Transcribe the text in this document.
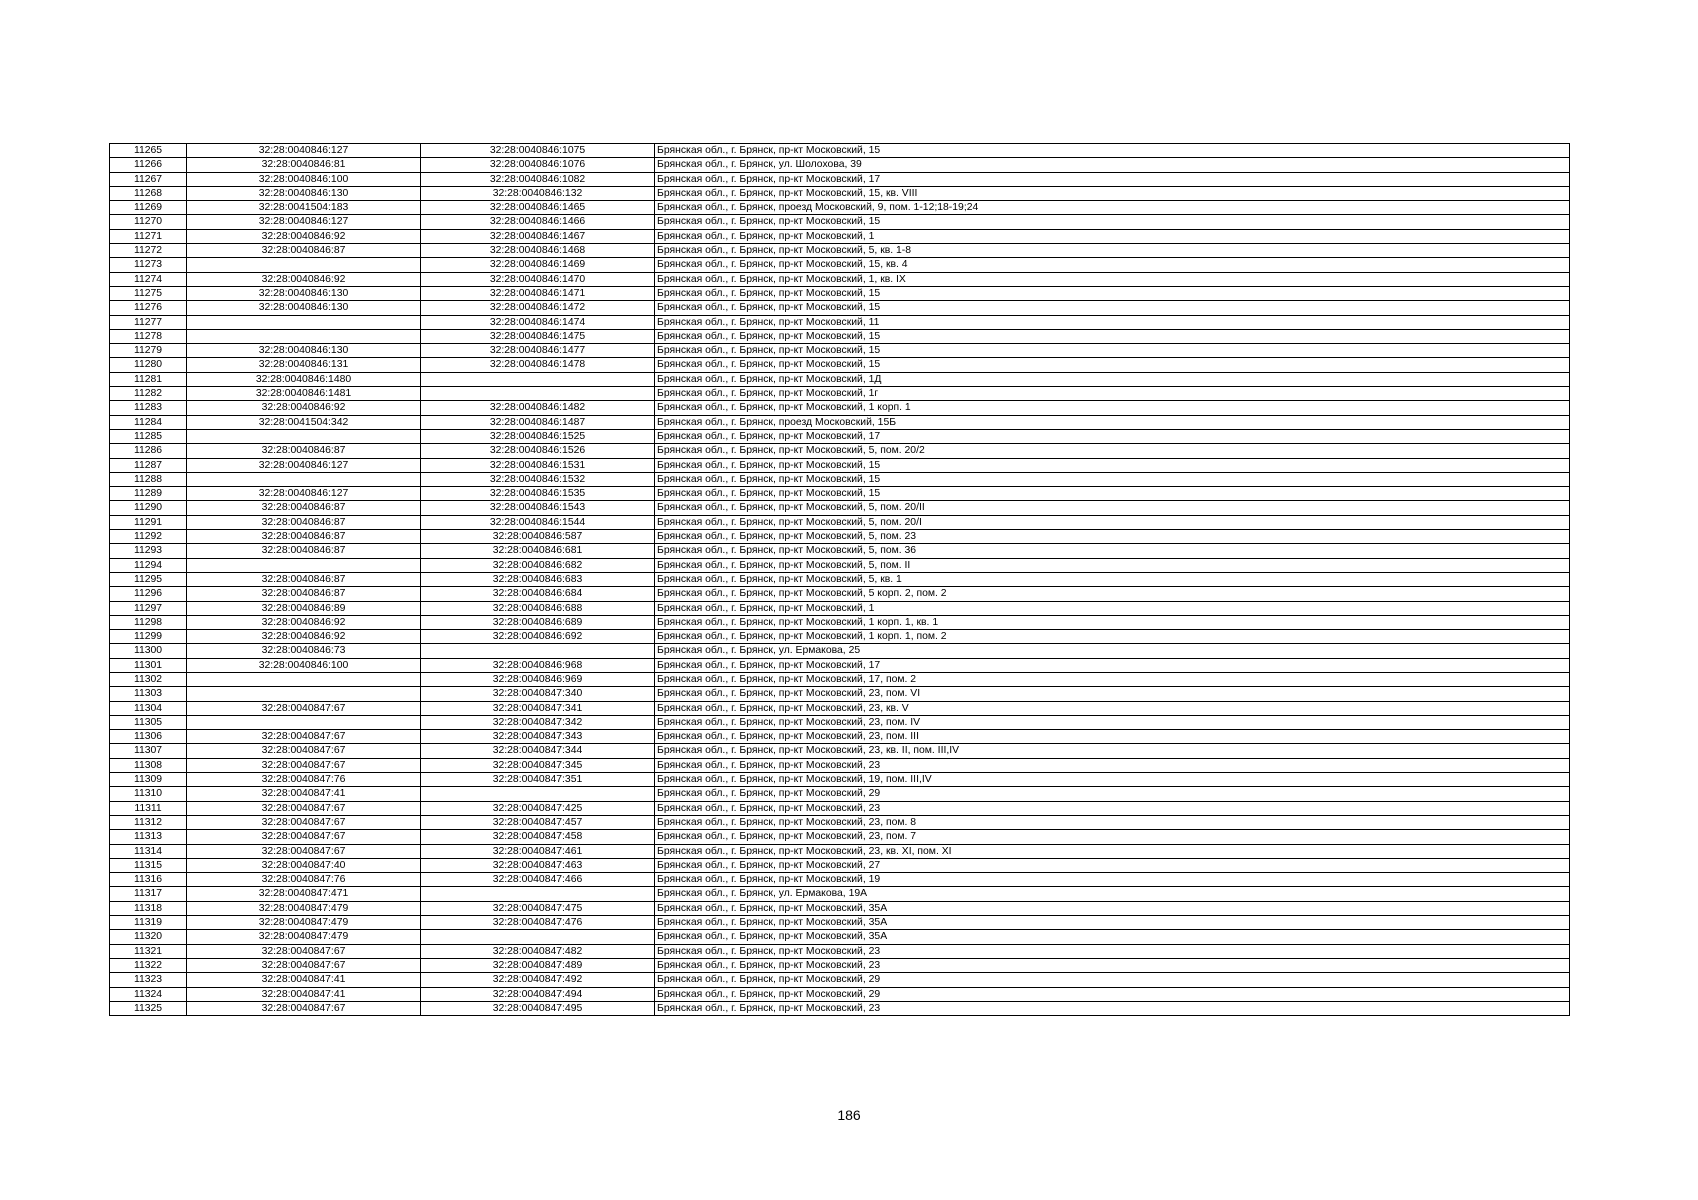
11265	32:28:0040846:127	32:28:0040846:1075	Брянская обл., г. Брянск, пр-кт Московский, 15
11266	32:28:0040846:81	32:28:0040846:1076	Брянская обл., г. Брянск, ул. Шолохова, 39
11267	32:28:0040846:100	32:28:0040846:1082	Брянская обл., г. Брянск, пр-кт Московский, 17
11268	32:28:0040846:130	32:28:0040846:132	Брянская обл., г. Брянск, пр-кт Московский, 15, кв. VIII
11269	32:28:0041504:183	32:28:0040846:1465	Брянская обл., г. Брянск, проезд Московский, 9, пом. 1-12;18-19;24
11270	32:28:0040846:127	32:28:0040846:1466	Брянская обл., г. Брянск, пр-кт Московский, 15
11271	32:28:0040846:92	32:28:0040846:1467	Брянская обл., г. Брянск, пр-кт Московский, 1
11272	32:28:0040846:87	32:28:0040846:1468	Брянская обл., г. Брянск, пр-кт Московский, 5, кв. 1-8
11273		32:28:0040846:1469	Брянская обл., г. Брянск, пр-кт Московский, 15, кв. 4
11274	32:28:0040846:92	32:28:0040846:1470	Брянская обл., г. Брянск, пр-кт Московский, 1, кв. IX
11275	32:28:0040846:130	32:28:0040846:1471	Брянская обл., г. Брянск, пр-кт Московский, 15
11276	32:28:0040846:130	32:28:0040846:1472	Брянская обл., г. Брянск, пр-кт Московский, 15
11277		32:28:0040846:1474	Брянская обл., г. Брянск, пр-кт Московский, 11
11278		32:28:0040846:1475	Брянская обл., г. Брянск, пр-кт Московский, 15
11279	32:28:0040846:130	32:28:0040846:1477	Брянская обл., г. Брянск, пр-кт Московский, 15
11280	32:28:0040846:131	32:28:0040846:1478	Брянская обл., г. Брянск, пр-кт Московский, 15
11281	32:28:0040846:1480		Брянская обл., г. Брянск, пр-кт Московский, 1Д
11282	32:28:0040846:1481		Брянская обл., г. Брянск, пр-кт Московский, 1г
11283	32:28:0040846:92	32:28:0040846:1482	Брянская обл., г. Брянск, пр-кт Московский, 1 корп. 1
11284	32:28:0041504:342	32:28:0040846:1487	Брянская обл., г. Брянск, проезд Московский, 15Б
11285		32:28:0040846:1525	Брянская обл., г. Брянск, пр-кт Московский, 17
11286	32:28:0040846:87	32:28:0040846:1526	Брянская обл., г. Брянск, пр-кт Московский, 5, пом. 20/2
11287	32:28:0040846:127	32:28:0040846:1531	Брянская обл., г. Брянск, пр-кт Московский, 15
11288		32:28:0040846:1532	Брянская обл., г. Брянск, пр-кт Московский, 15
11289	32:28:0040846:127	32:28:0040846:1535	Брянская обл., г. Брянск, пр-кт Московский, 15
11290	32:28:0040846:87	32:28:0040846:1543	Брянская обл., г. Брянск, пр-кт Московский, 5, пом. 20/II
11291	32:28:0040846:87	32:28:0040846:1544	Брянская обл., г. Брянск, пр-кт Московский, 5, пом. 20/I
11292	32:28:0040846:87	32:28:0040846:587	Брянская обл., г. Брянск, пр-кт Московский, 5, пом. 23
11293	32:28:0040846:87	32:28:0040846:681	Брянская обл., г. Брянск, пр-кт Московский, 5, пом. 36
11294		32:28:0040846:682	Брянская обл., г. Брянск, пр-кт Московский, 5, пом. II
11295	32:28:0040846:87	32:28:0040846:683	Брянская обл., г. Брянск, пр-кт Московский, 5, кв. 1
11296	32:28:0040846:87	32:28:0040846:684	Брянская обл., г. Брянск, пр-кт Московский, 5 корп. 2, пом. 2
11297	32:28:0040846:89	32:28:0040846:688	Брянская обл., г. Брянск, пр-кт Московский, 1
11298	32:28:0040846:92	32:28:0040846:689	Брянская обл., г. Брянск, пр-кт Московский, 1 корп. 1, кв. 1
11299	32:28:0040846:92	32:28:0040846:692	Брянская обл., г. Брянск, пр-кт Московский, 1 корп. 1, пом. 2
11300	32:28:0040846:73		Брянская обл., г. Брянск, ул. Ермакова, 25
11301	32:28:0040846:100	32:28:0040846:968	Брянская обл., г. Брянск, пр-кт Московский, 17
11302		32:28:0040846:969	Брянская обл., г. Брянск, пр-кт Московский, 17, пом. 2
11303		32:28:0040847:340	Брянская обл., г. Брянск, пр-кт Московский, 23, пом. VI
11304	32:28:0040847:67	32:28:0040847:341	Брянская обл., г. Брянск, пр-кт Московский, 23, кв. V
11305		32:28:0040847:342	Брянская обл., г. Брянск, пр-кт Московский, 23, пом. IV
11306	32:28:0040847:67	32:28:0040847:343	Брянская обл., г. Брянск, пр-кт Московский, 23, пом. III
11307	32:28:0040847:67	32:28:0040847:344	Брянская обл., г. Брянск, пр-кт Московский, 23, кв. II, пом. III,IV
11308	32:28:0040847:67	32:28:0040847:345	Брянская обл., г. Брянск, пр-кт Московский, 23
11309	32:28:0040847:76	32:28:0040847:351	Брянская обл., г. Брянск, пр-кт Московский, 19, пом. III,IV
11310	32:28:0040847:41		Брянская обл., г. Брянск, пр-кт Московский, 29
11311	32:28:0040847:67	32:28:0040847:425	Брянская обл., г. Брянск, пр-кт Московский, 23
11312	32:28:0040847:67	32:28:0040847:457	Брянская обл., г. Брянск, пр-кт Московский, 23, пом. 8
11313	32:28:0040847:67	32:28:0040847:458	Брянская обл., г. Брянск, пр-кт Московский, 23, пом. 7
11314	32:28:0040847:67	32:28:0040847:461	Брянская обл., г. Брянск, пр-кт Московский, 23, кв. XI, пом. XI
11315	32:28:0040847:40	32:28:0040847:463	Брянская обл., г. Брянск, пр-кт Московский, 27
11316	32:28:0040847:76	32:28:0040847:466	Брянская обл., г. Брянск, пр-кт Московский, 19
11317	32:28:0040847:471		Брянская обл., г. Брянск, ул. Ермакова, 19А
11318	32:28:0040847:479	32:28:0040847:475	Брянская обл., г. Брянск, пр-кт Московский, 35А
11319	32:28:0040847:479	32:28:0040847:476	Брянская обл., г. Брянск, пр-кт Московский, 35А
11320	32:28:0040847:479		Брянская обл., г. Брянск, пр-кт Московский, 35А
11321	32:28:0040847:67	32:28:0040847:482	Брянская обл., г. Брянск, пр-кт Московский, 23
11322	32:28:0040847:67	32:28:0040847:489	Брянская обл., г. Брянск, пр-кт Московский, 23
11323	32:28:0040847:41	32:28:0040847:492	Брянская обл., г. Брянск, пр-кт Московский, 29
11324	32:28:0040847:41	32:28:0040847:494	Брянская обл., г. Брянск, пр-кт Московский, 29
11325	32:28:0040847:67	32:28:0040847:495	Брянская обл., г. Брянск, пр-кт Московский, 23
186
